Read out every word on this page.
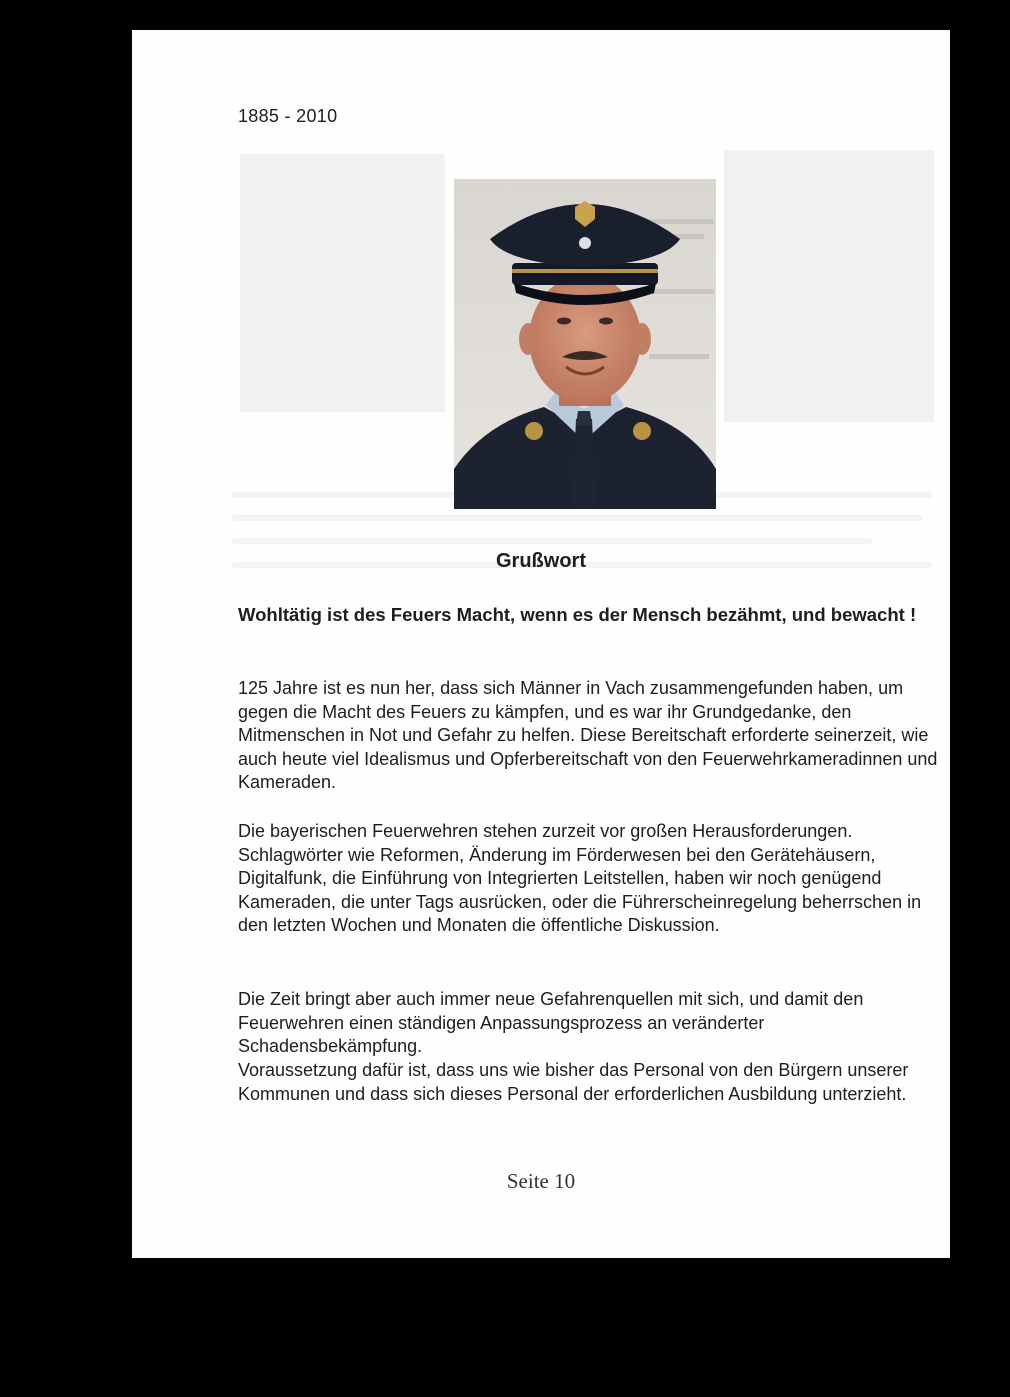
1885 - 2010
Grußwort
Wohltätig ist des Feuers Macht, wenn es der Mensch bezähmt, und bewacht !
125 Jahre ist es nun her, dass sich Männer in Vach zusammengefunden haben, um gegen die Macht des Feuers zu kämpfen, und es war ihr Grundgedanke, den Mitmenschen in Not und Gefahr zu helfen. Diese Bereitschaft erforderte seinerzeit, wie auch heute viel Idealismus und Opferbereitschaft von den Feuerwehrkameradinnen und Kameraden.
Die bayerischen Feuerwehren stehen zurzeit vor großen Herausforderungen. Schlagwörter wie Reformen, Änderung im Förderwesen bei den Gerätehäusern, Digitalfunk, die Einführung von Integrierten Leitstellen, haben wir noch genügend Kameraden, die unter Tags ausrücken, oder die Führerscheinregelung beherrschen in den letzten Wochen und Monaten die öffentliche Diskussion.
Die Zeit bringt aber auch immer neue Gefahrenquellen mit sich, und damit den Feuerwehren einen ständigen Anpassungsprozess an veränderter Schadensbekämpfung.
Voraussetzung dafür ist, dass uns wie bisher das Personal von den Bürgern unserer Kommunen und dass sich dieses Personal der erforderlichen Ausbildung unterzieht.
Seite 10
